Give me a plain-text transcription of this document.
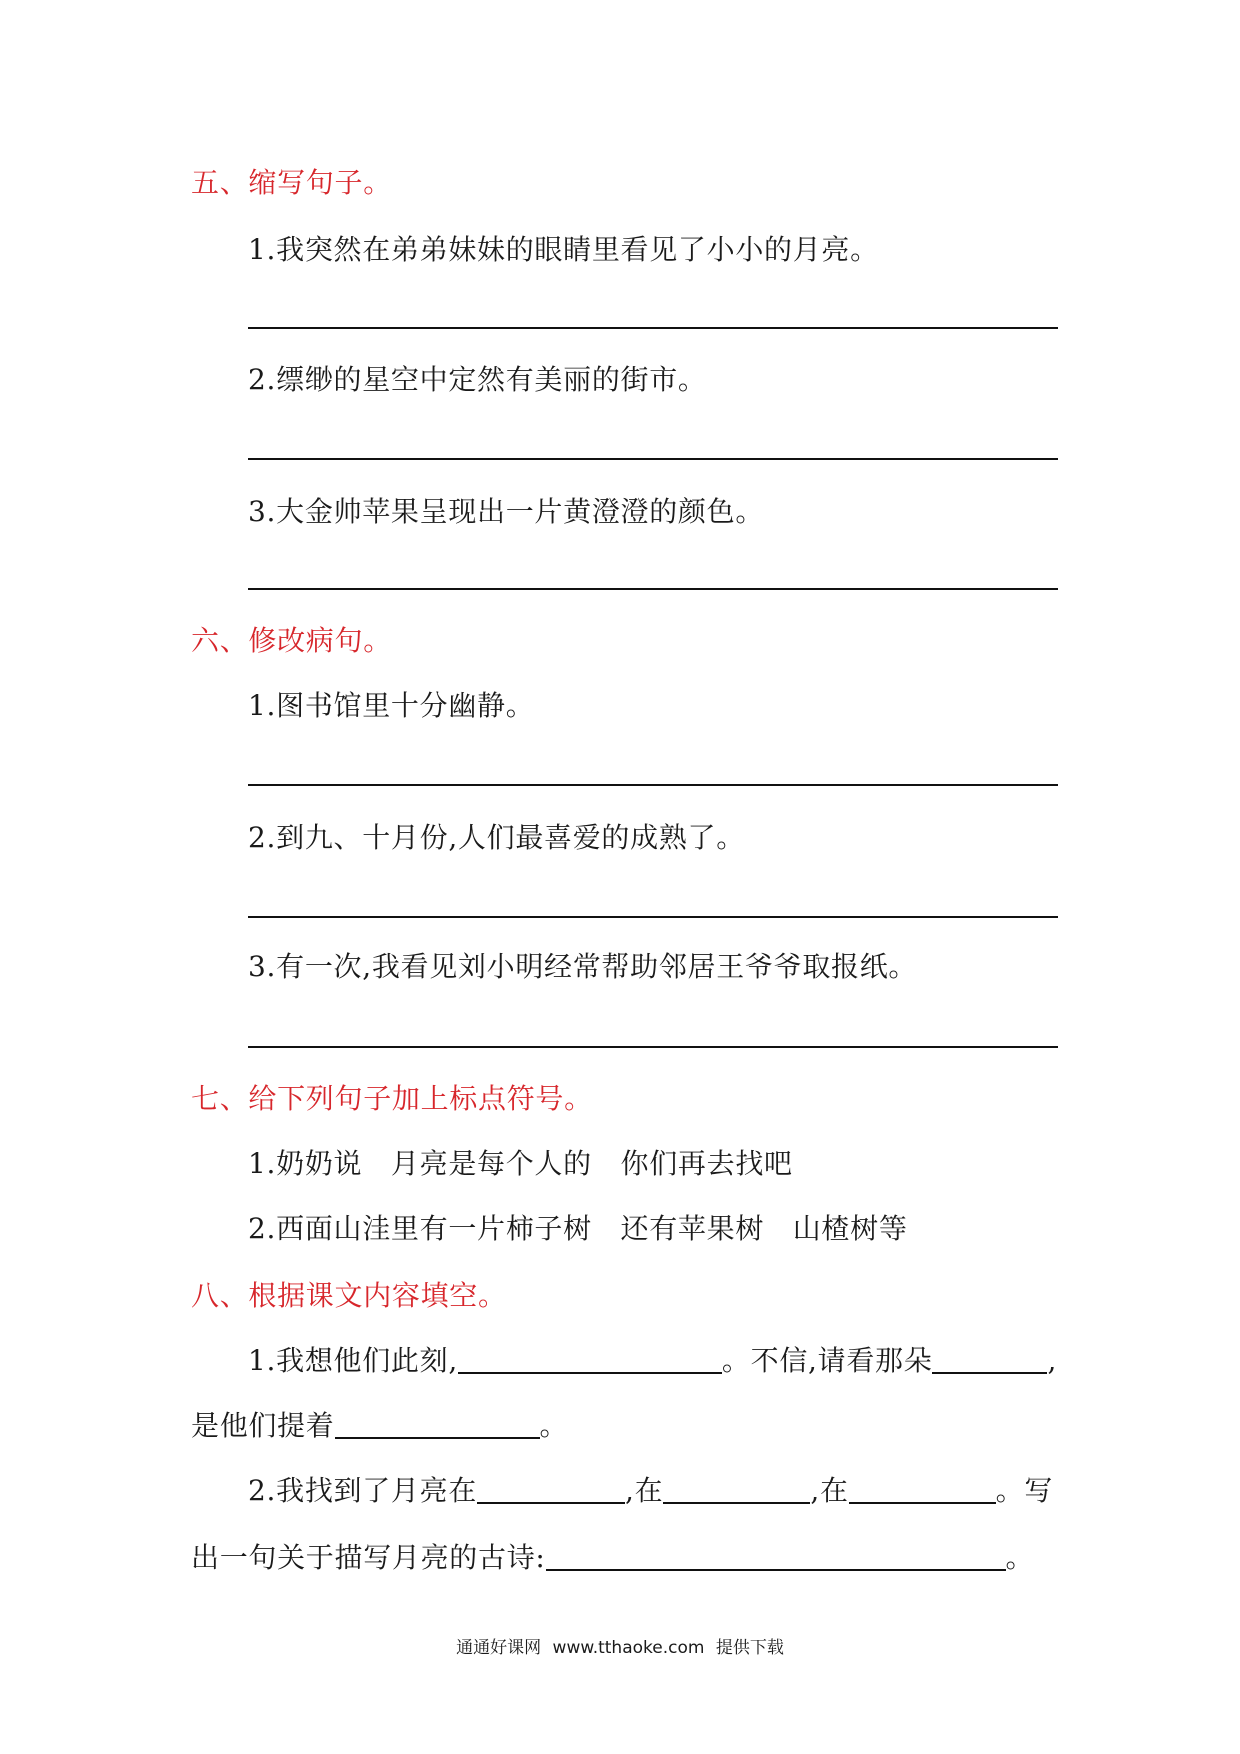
五、缩写句子。
1.我突然在弟弟妹妹的眼睛里看见了小小的月亮。
2.缥缈的星空中定然有美丽的街市。
3.大金帅苹果呈现出一片黄澄澄的颜色。
六、修改病句。
1.图书馆里十分幽静。
2.到九、十月份,人们最喜爱的成熟了。
3.有一次,我看见刘小明经常帮助邻居王爷爷取报纸。
七、给下列句子加上标点符号。
1.奶奶说　月亮是每个人的　你们再去找吧
2.西面山洼里有一片柿子树　还有苹果树　山楂树等
八、根据课文内容填空。
1.我想他们此刻,	。不信,请看那朵	,
是他们提着	。
2.我找到了月亮在	,在	,在	。写
出一句关于描写月亮的古诗:	。
通通好课网 www.tthaoke.com 提供下载
